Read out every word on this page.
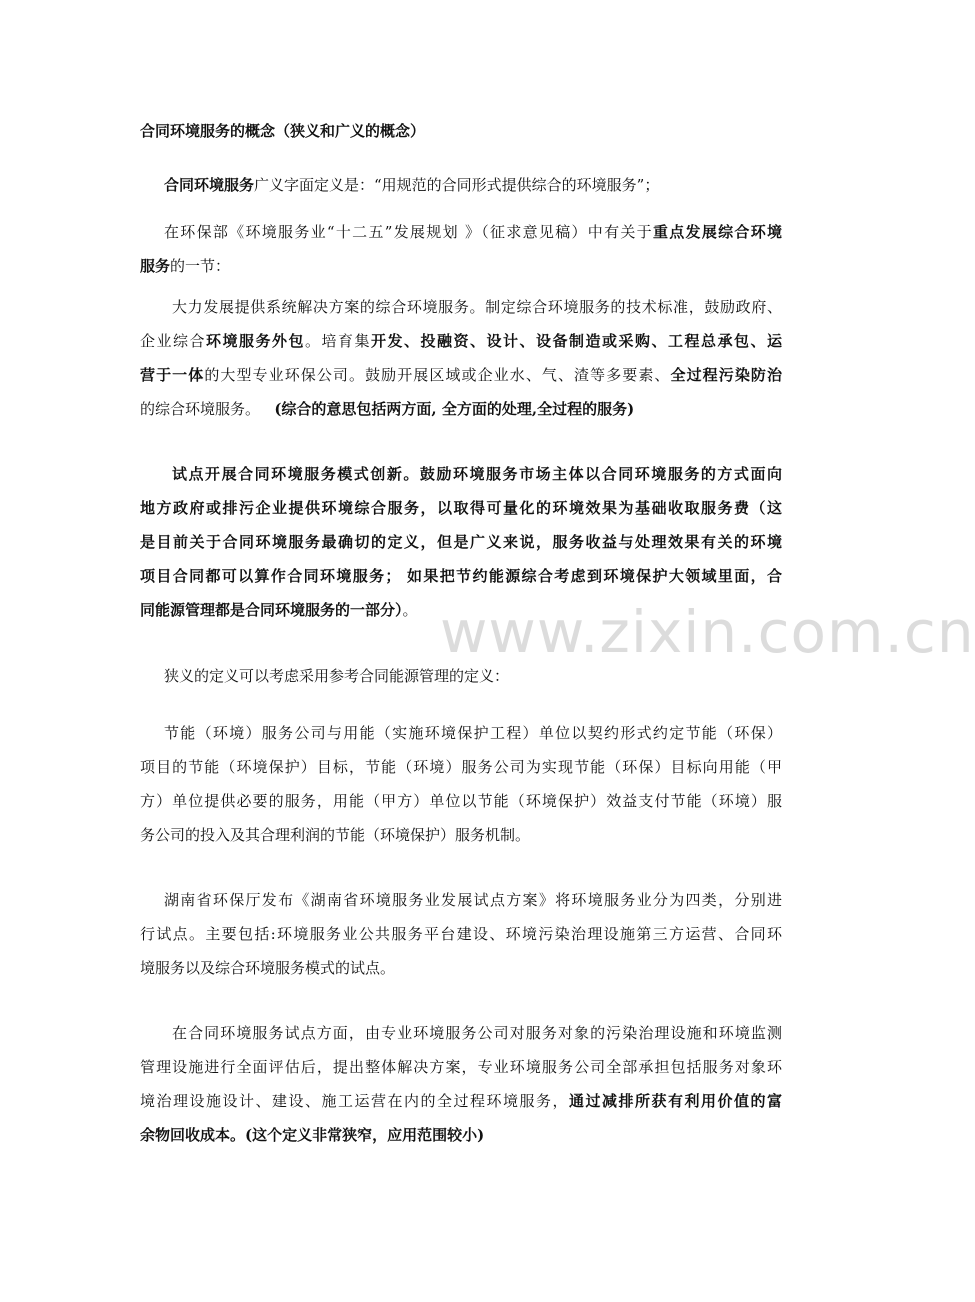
www.zixin.com.cn
合同环境服务的概念（狭义和广义的概念）
合同环境服务广义字面定义是：“用规范的合同形式提供综合的环境服务”；
在环保部《环境服务业“十二五”发展规划 》（征求意见稿）中有关于重点发展综合环境
服务的一节：
大力发展提供系统解决方案的综合环境服务。制定综合环境服务的技术标准，鼓励政府、
企业综合环境服务外包。培育集开发、投融资、设计、设备制造或采购、工程总承包、运
营于一体的大型专业环保公司。鼓励开展区域或企业水、气、渣等多要素、全过程污染防治
的综合环境服务。 (综合的意思包括两方面, 全方面的处理,全过程的服务)
试点开展合同环境服务模式创新。鼓励环境服务市场主体以合同环境服务的方式面向
地方政府或排污企业提供环境综合服务，以取得可量化的环境效果为基础收取服务费（这
是目前关于合同环境服务最确切的定义，但是广义来说，服务收益与处理效果有关的环境
项目合同都可以算作合同环境服务； 如果把节约能源综合考虑到环境保护大领域里面，合
同能源管理都是合同环境服务的一部分）。
狭义的定义可以考虑采用参考合同能源管理的定义：
节能（环境）服务公司与用能（实施环境保护工程）单位以契约形式约定节能（环保）
项目的节能（环境保护）目标，节能（环境）服务公司为实现节能（环保）目标向用能（甲
方）单位提供必要的服务，用能（甲方）单位以节能（环境保护）效益支付节能（环境）服
务公司的投入及其合理利润的节能（环境保护）服务机制。
湖南省环保厅发布《湖南省环境服务业发展试点方案》将环境服务业分为四类，分别进
行试点。主要包括:环境服务业公共服务平台建设、环境污染治理设施第三方运营、合同环
境服务以及综合环境服务模式的试点。
在合同环境服务试点方面，由专业环境服务公司对服务对象的污染治理设施和环境监测
管理设施进行全面评估后，提出整体解决方案，专业环境服务公司全部承担包括服务对象环
境治理设施设计、建设、施工运营在内的全过程环境服务，通过减排所获有利用价值的富
余物回收成本。(这个定义非常狭窄，应用范围较小)
